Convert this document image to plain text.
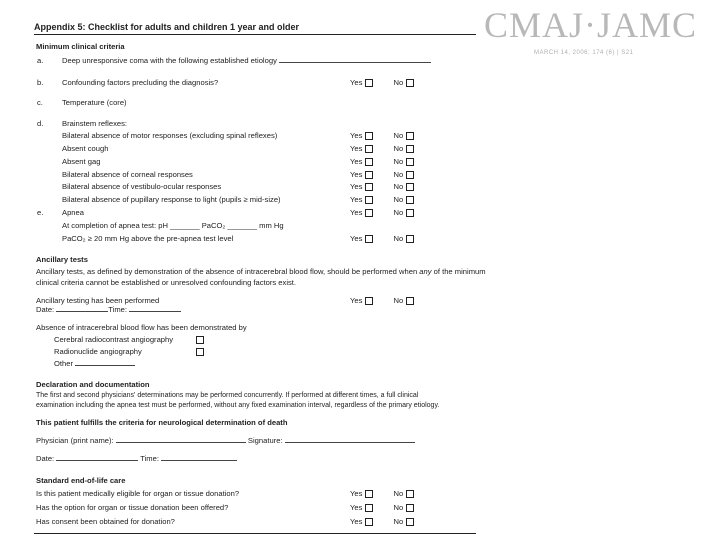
CMAJ·JAMC
MARCH 14, 2006; 174 (6) | S21
Appendix 5: Checklist for adults and children 1 year and older
Minimum clinical criteria
a. Deep unresponsive coma with the following established etiology
b. Confounding factors precluding the diagnosis?	Yes	No
c.	Temperature (core)
d. Brainstem reflexes:
Bilateral absence of motor responses (excluding spinal reflexes)	Yes	No
Absent cough	Yes	No
Absent gag	Yes	No
Bilateral absence of corneal responses	Yes	No
Bilateral absence of vestibulo-ocular responses	Yes	No
Bilateral absence of pupillary response to light (pupils ≥ mid-size)	Yes	No
e. Apnea	Yes	No
At completion of apnea test: pH _______ PaCO₂ _______ mm Hg
PaCO₂ ≥ 20 mm Hg above the pre-apnea test level	Yes	No
Ancillary tests
Ancillary tests, as defined by demonstration of the absence of intracerebral blood flow, should be performed when any of the minimum
clinical criteria cannot be established or unresolved confounding factors exist.
Ancillary testing has been performed	Yes	No
Date:	Time:
Absence of intracerebral blood flow has been demonstrated by
Cerebral radiocontrast angiography
Radionuclide angiography
Other
Declaration and documentation
The first and second physicians' determinations may be performed concurrently. If performed at different times, a full clinical
examination including the apnea test must be performed, without any fixed examination interval, regardless of the primary etiology.
This patient fulfills the criteria for neurological determination of death
Physician (print name):	Signature:
Date:	Time:
Standard end-of-life care
Is this patient medically eligible for organ or tissue donation?	Yes	No
Has the option for organ or tissue donation been offered?	Yes	No
Has consent been obtained for donation?	Yes	No
